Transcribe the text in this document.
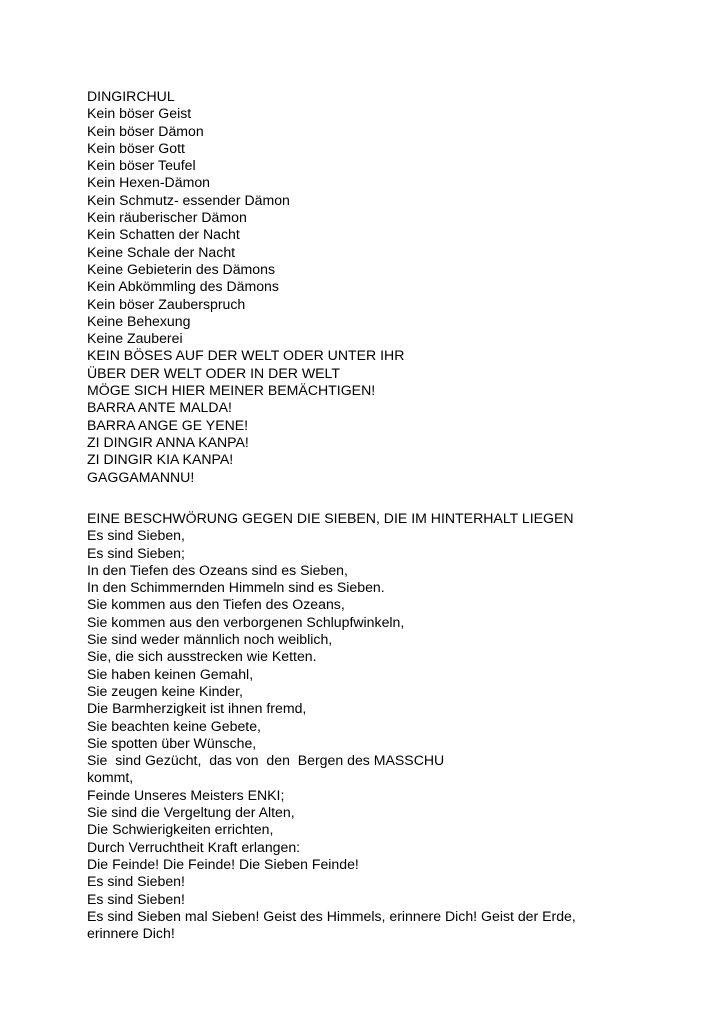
DINGIRCHUL
Kein böser Geist
Kein böser Dämon
Kein böser Gott
Kein böser Teufel
Kein Hexen-Dämon
Kein Schmutz- essender Dämon
Kein räuberischer Dämon
Kein Schatten der Nacht
Keine Schale der Nacht
Keine Gebieterin des Dämons
Kein Abkömmling des Dämons
Kein böser Zauberspruch
Keine Behexung
Keine Zauberei
KEIN BÖSES AUF DER WELT ODER UNTER IHR
ÜBER DER WELT ODER IN DER WELT
MÖGE SICH HIER MEINER BEMÄCHTIGEN!
BARRA ANTE MALDA!
BARRA ANGE GE YENE!
ZI DINGIR ANNA KANPA!
ZI DINGIR KIA KANPA!
GAGGAMANNU!
EINE BESCHWÖRUNG GEGEN DIE SIEBEN, DIE IM HINTERHALT LIEGEN
Es sind Sieben,
Es sind Sieben;
In den Tiefen des Ozeans sind es Sieben,
In den Schimmernden Himmeln sind es Sieben.
Sie kommen aus den Tiefen des Ozeans,
Sie kommen aus den verborgenen Schlupfwinkeln,
Sie sind weder männlich noch weiblich,
Sie, die sich ausstrecken wie Ketten.
Sie haben keinen Gemahl,
Sie zeugen keine Kinder,
Die Barmherzigkeit ist ihnen fremd,
Sie beachten keine Gebete,
Sie spotten über Wünsche,
Sie  sind Gezücht,  das von  den  Bergen des MASSCHU
kommt,
Feinde Unseres Meisters ENKI;
Sie sind die Vergeltung der Alten,
Die Schwierigkeiten errichten,
Durch Verruchtheit Kraft erlangen:
Die Feinde! Die Feinde! Die Sieben Feinde!
Es sind Sieben!
Es sind Sieben!
Es sind Sieben mal Sieben! Geist des Himmels, erinnere Dich! Geist der Erde,
erinnere Dich!
